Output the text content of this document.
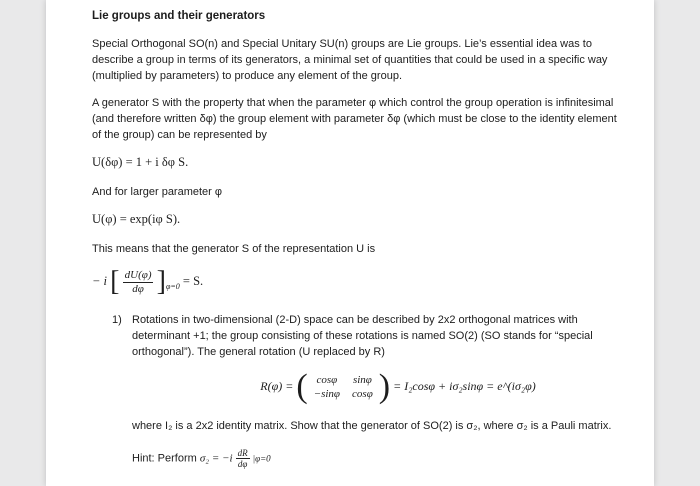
Lie groups and their generators

Special Orthogonal SO(n) and Special Unitary SU(n) groups are Lie groups. Lie’s essential idea was to describe a group in terms of its generators, a minimal set of quantities that could be used in a specific way (multiplied by parameters) to produce any element of the group.

A generator S with the property that when the parameter φ which control the group operation is infinitesimal (and therefore written δφ) the group element with parameter δφ (which must be close to the identity element of the group) can be represented by

U(δφ) = 1 + i δφ S.

And for larger parameter φ

U(φ) = exp(iφ S).

This means that the generator S of the representation U is

− i [ $\frac{dU(\varphi)}{d\varphi} ]_{\varphi=0} = S$.
1) Rotations in two-dimensional (2-D) space can be described by 2x2 orthogonal matrices with determinant +1; the group consisting of these rotations is named SO(2) (SO stands for “special orthogonal”). The general rotation (U replaced by R)
R(φ) = ( cosφ	sinφ
−sinφ	cosφ ) = I₂cosφ + iσ₂sinφ = e^(iσ₂φ)

where I₂ is a 2x2 identity matrix. Show that the generator of SO(2) is σ₂, where σ₂ is a Pauli matrix.

Hint: Perform $\sigma_2 = -i \frac{dR}{d\varphi} |\varphi=0$
